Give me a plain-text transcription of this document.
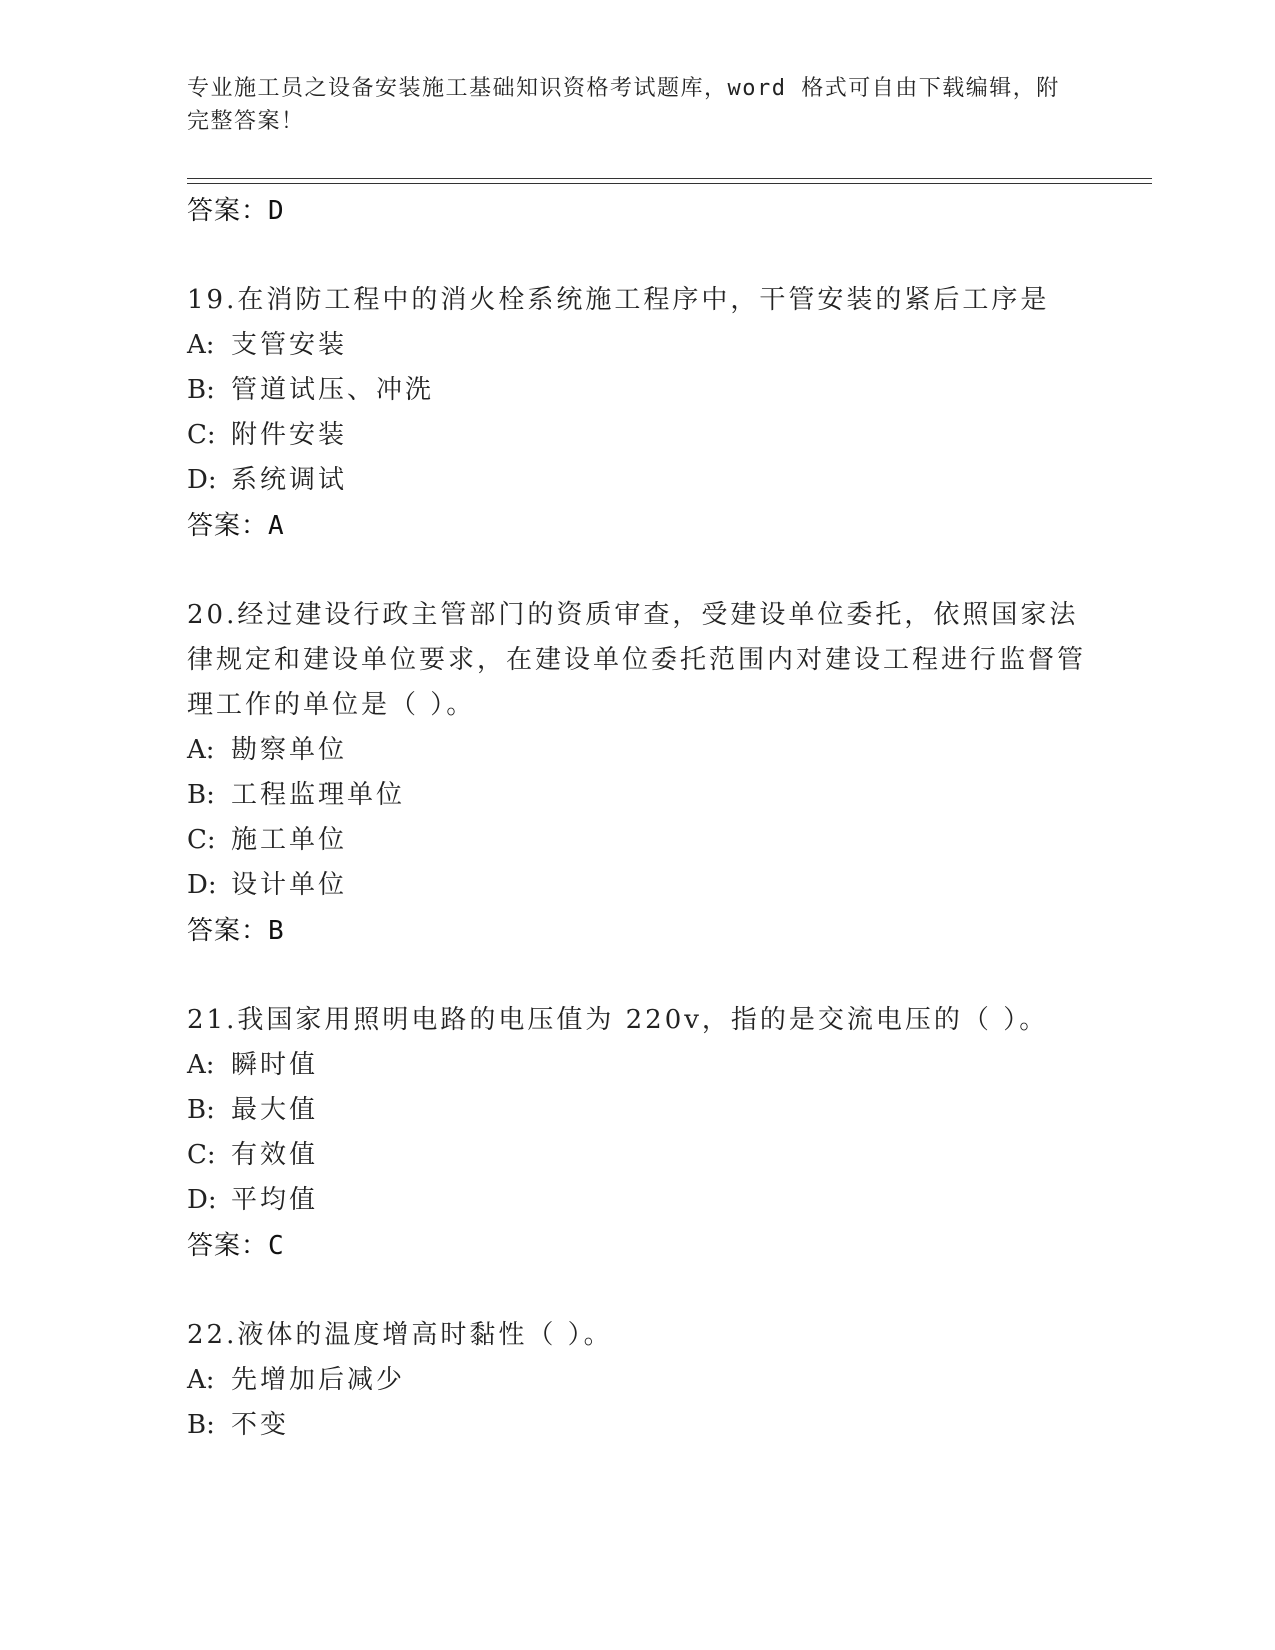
专业施工员之设备安装施工基础知识资格考试题库，word 格式可自由下载编辑，附完整答案！
答案：D
19.在消防工程中的消火栓系统施工程序中，干管安装的紧后工序是
A: 支管安装
B: 管道试压、冲洗
C: 附件安装
D: 系统调试
答案：A
20.经过建设行政主管部门的资质审查，受建设单位委托，依照国家法律规定和建设单位要求，在建设单位委托范围内对建设工程进行监督管理工作的单位是（ ）。
A: 勘察单位
B: 工程监理单位
C: 施工单位
D: 设计单位
答案：B
21.我国家用照明电路的电压值为 220v，指的是交流电压的（ ）。
A: 瞬时值
B: 最大值
C: 有效值
D: 平均值
答案：C
22.液体的温度增高时黏性（ ）。
A: 先增加后减少
B: 不变
